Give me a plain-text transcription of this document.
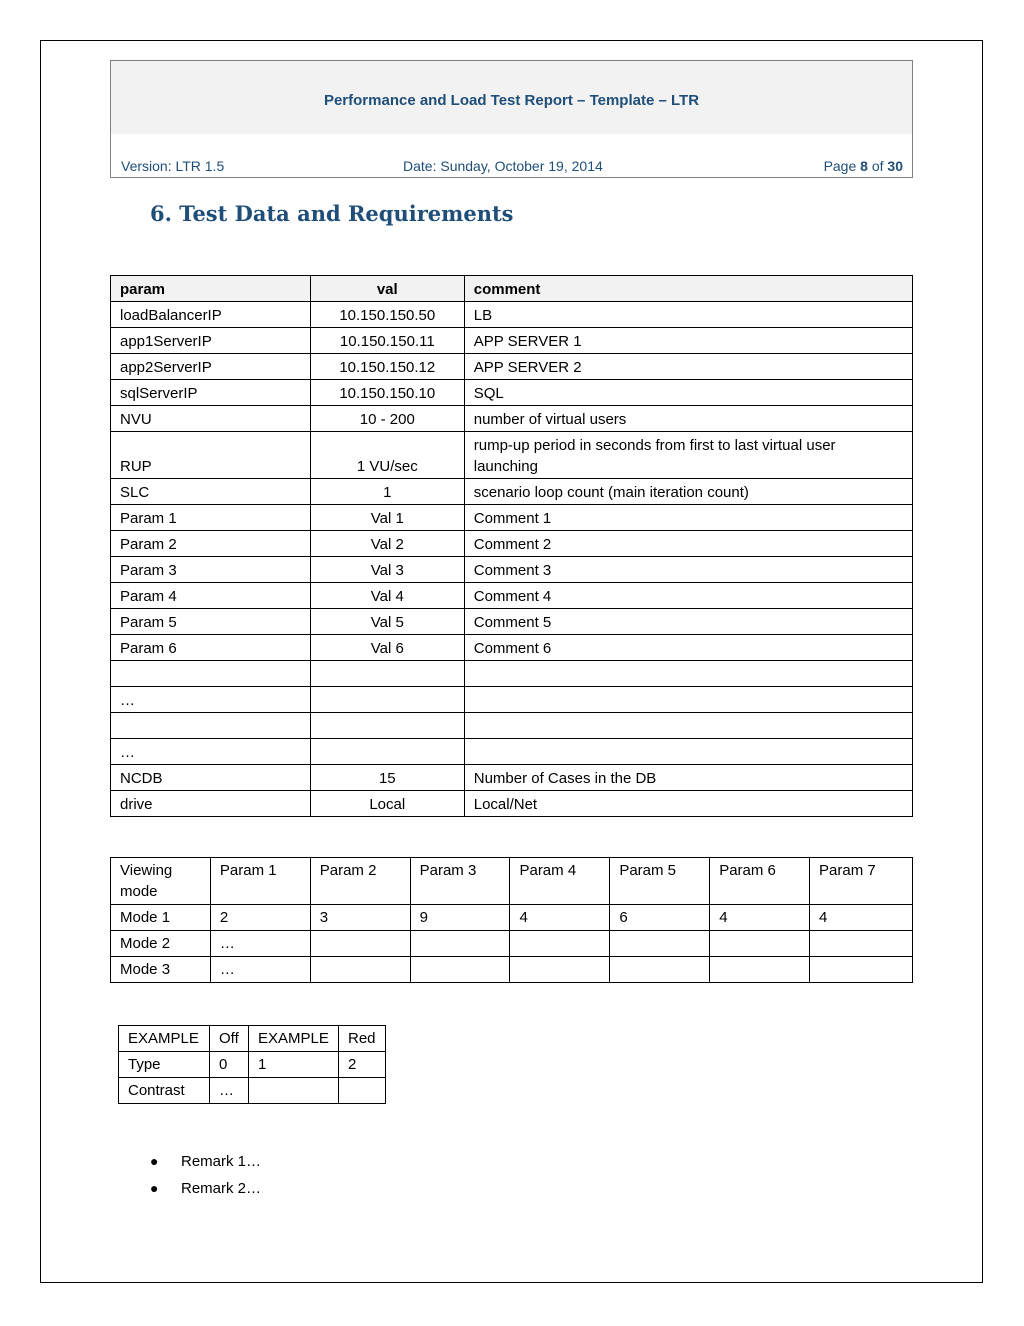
Performance and Load Test Report – Template – LTR
Version: LTR 1.5	Date: Sunday, October 19, 2014	Page 8 of 30
6. Test Data and Requirements
param	val	comment
loadBalancerIP	10.150.150.50	LB
app1ServerIP	10.150.150.11	APP SERVER 1
app2ServerIP	10.150.150.12	APP SERVER 2
sqlServerIP	10.150.150.10	SQL
NVU	10 - 200	number of virtual users
RUP	1 VU/sec	rump-up period in seconds from first to last virtual user launching
SLC	1	scenario loop count (main iteration count)
Param 1	Val 1	Comment 1
Param 2	Val 2	Comment 2
Param 3	Val 3	Comment 3
Param 4	Val 4	Comment 4
Param 5	Val 5	Comment 5
Param 6	Val 6	Comment 6

…		

…		
NCDB	15	Number of Cases in the DB
drive	Local	Local/Net
Viewing mode	Param 1	Param 2	Param 3	Param 4	Param 5	Param 6	Param 7
Mode 1	2	3	9	4	6	4	4
Mode 2	…						
Mode 3	…						
EXAMPLE	Off	EXAMPLE	Red
Type	0	1	2
Contrast	…		
● Remark 1…
● Remark 2…
